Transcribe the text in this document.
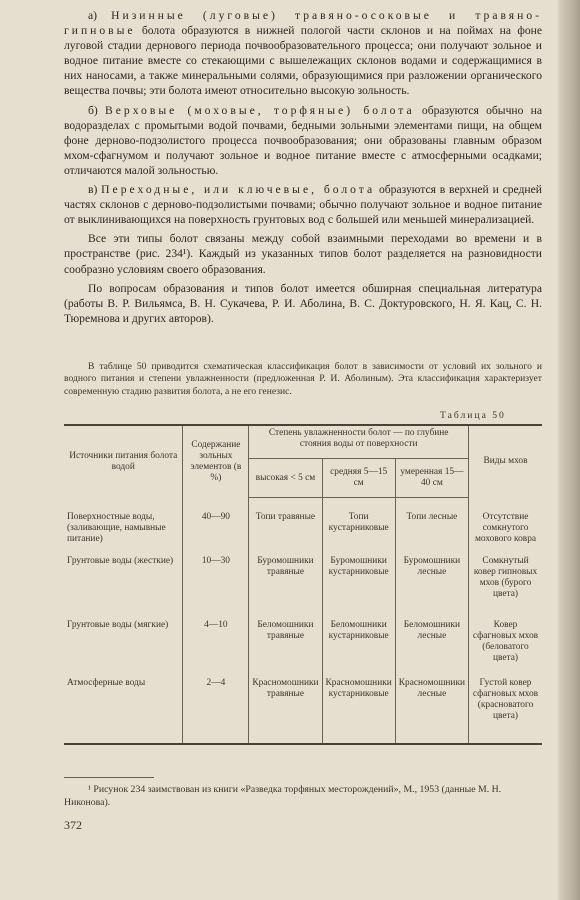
а) Низинные (луговые) травяно-осоковые и травяно-гипновые болота образуются в нижней пологой части склонов и на поймах на фоне луговой стадии дернового периода почвообразовательного процесса; они получают зольное и водное питание вместе со стекающими с вышележащих склонов водами и содержащимися в них наносами, а также минеральными солями, образующимися при разложении органического вещества почвы; эти болота имеют относительно высокую зольность.

б) Верховые (моховые, торфяные) болота образуются обычно на водоразделах с промытыми водой почвами, бедными зольными элементами пищи, на общем фоне дерново-подзолистого процесса почвообразования; они образованы главным образом мхом-сфагнумом и получают зольное и водное питание вместе с атмосферными осадками; отличаются малой зольностью.

в) Переходные, или ключевые, болота образуются в верхней и средней частях склонов с дерново-подзолистыми почвами; обычно получают зольное и водное питание от выклинивающихся на поверхность грунтовых вод с большей или меньшей минерализацией.

Все эти типы болот связаны между собой взаимными переходами во времени и в пространстве (рис. 234¹). Каждый из указанных типов болот разделяется на разновидности сообразно условиям своего образования.

По вопросам образования и типов болот имеется обширная специальная литература (работы В. Р. Вильямса, В. Н. Сукачева, Р. И. Аболина, В. С. Доктуровского, Н. Я. Кац, С. Н. Тюремнова и других авторов).

В таблице 50 приводится схематическая классификация болот в зависимости от условий их зольного и водного питания и степени увлажненности (предложенная Р. И. Аболиным). Эта классификация характеризует современную стадию развития болота, а не его генезис.

Таблица 50
Источники питания болота водой	Содержание зольных элементов (в %)	Степень увлажненности болот — по глубине стояния воды от поверхности			Виды мхов
		высокая < 5 см	средняя 5—15 см	умеренная 15—40 см	
Поверхностные воды, (заливающие, намывные питание)	40—90	Топи травяные	Топи кустарниковые	Топи лесные	Отсутствие сомкнутого мохового ковра
Грунтовые воды (жесткие)	10—30	Буромошники травяные	Буромошники кустарниковые	Буромошники лесные	Сомкнутый ковер гипновых мхов (бурого цвета)
Грунтовые воды (мягкие)	4—10	Беломошники травяные	Беломошники кустарниковые	Беломошники лесные	Ковер сфагновых мхов (беловатого цвета)
Атмосферные воды	2—4	Красномошники травяные	Красномошники кустарниковые	Красномошники лесные	Густой ковер сфагновых мхов (красноватого цвета)
¹ Рисунок 234 заимствован из книги «Разведка торфяных месторождений», М., 1953 (данные М. Н. Никонова).
372
